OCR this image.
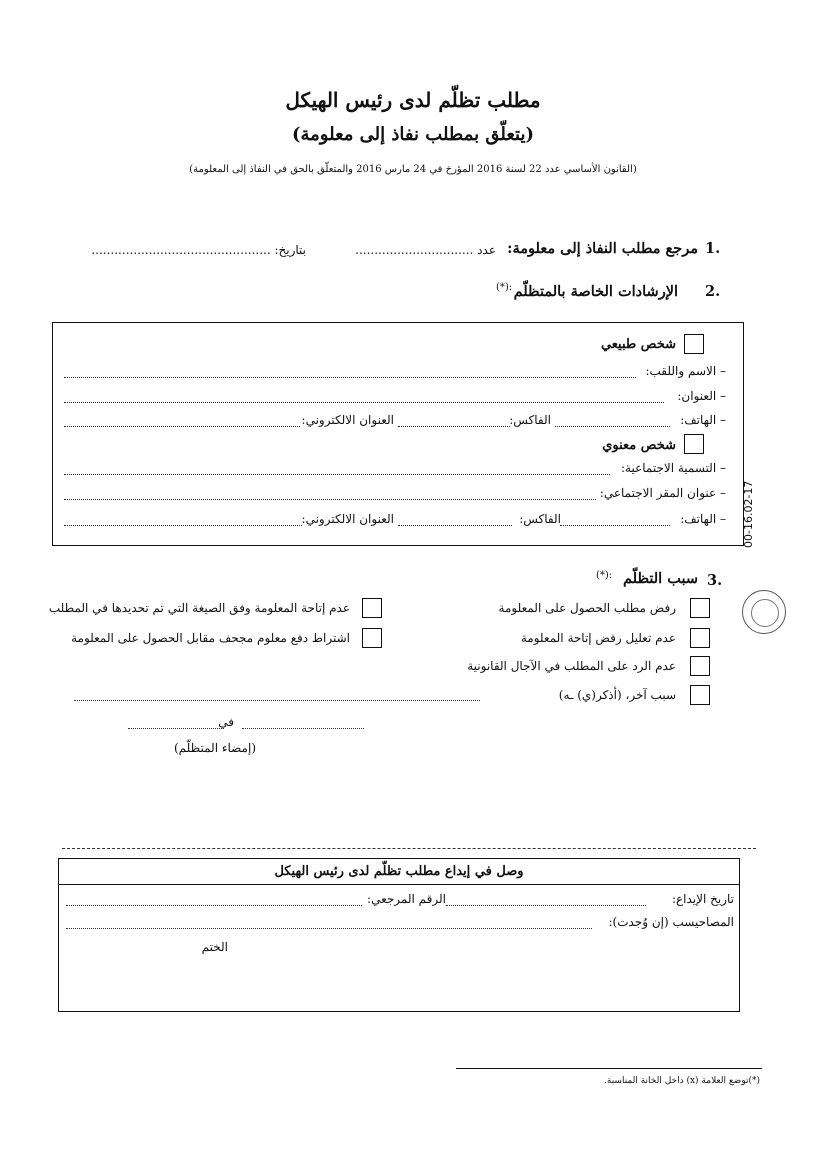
مطلب تظلّم لدى رئيس الهيكل
(يتعلّق بمطلب نفاذ إلى معلومة)
(القانون الأساسي عدد 22 لسنة 2016 المؤرخ في 24 مارس 2016 والمتعلّق بالحق في النفاذ إلى المعلومة)
1.
مرجع مطلب النفاذ إلى معلومة:
عدد ...............................
بتاريخ: ...............................................
2.
الإرشادات الخاصة بالمتظلّم
(*):
شخص طبيعي
– الاسم واللقب:
– العنوان:
– الهاتف:
الفاكس:
العنوان الالكتروني:
شخص معنوي
– التسمية الاجتماعية:
– عنوان المقر الاجتماعي:
– الهاتف:
الفاكس:
العنوان الالكتروني:	00-16.02-17
3.
سبب التظلّم
(*):
رفض مطلب الحصول على المعلومة
عدم تعليل رفض إتاحة المعلومة
عدم الرد على المطلب في الآجال القانونية
سبب آخر، (أذكر(ي) ـه)
عدم إتاحة المعلومة وفق الصيغة التي تم تحديدها في المطلب
اشتراط دفع معلوم مجحف مقابل الحصول على المعلومة
في
(إمضاء المتظلّم)
وصل في إيداع مطلب تظلّم لدى رئيس الهيكل
تاريخ الإيداع:
الرقم المرجعي:
المصاحيسب (إن وُجدت):
الختم
(*)توضع العلامة (x) داخل الخانة المناسبة.
